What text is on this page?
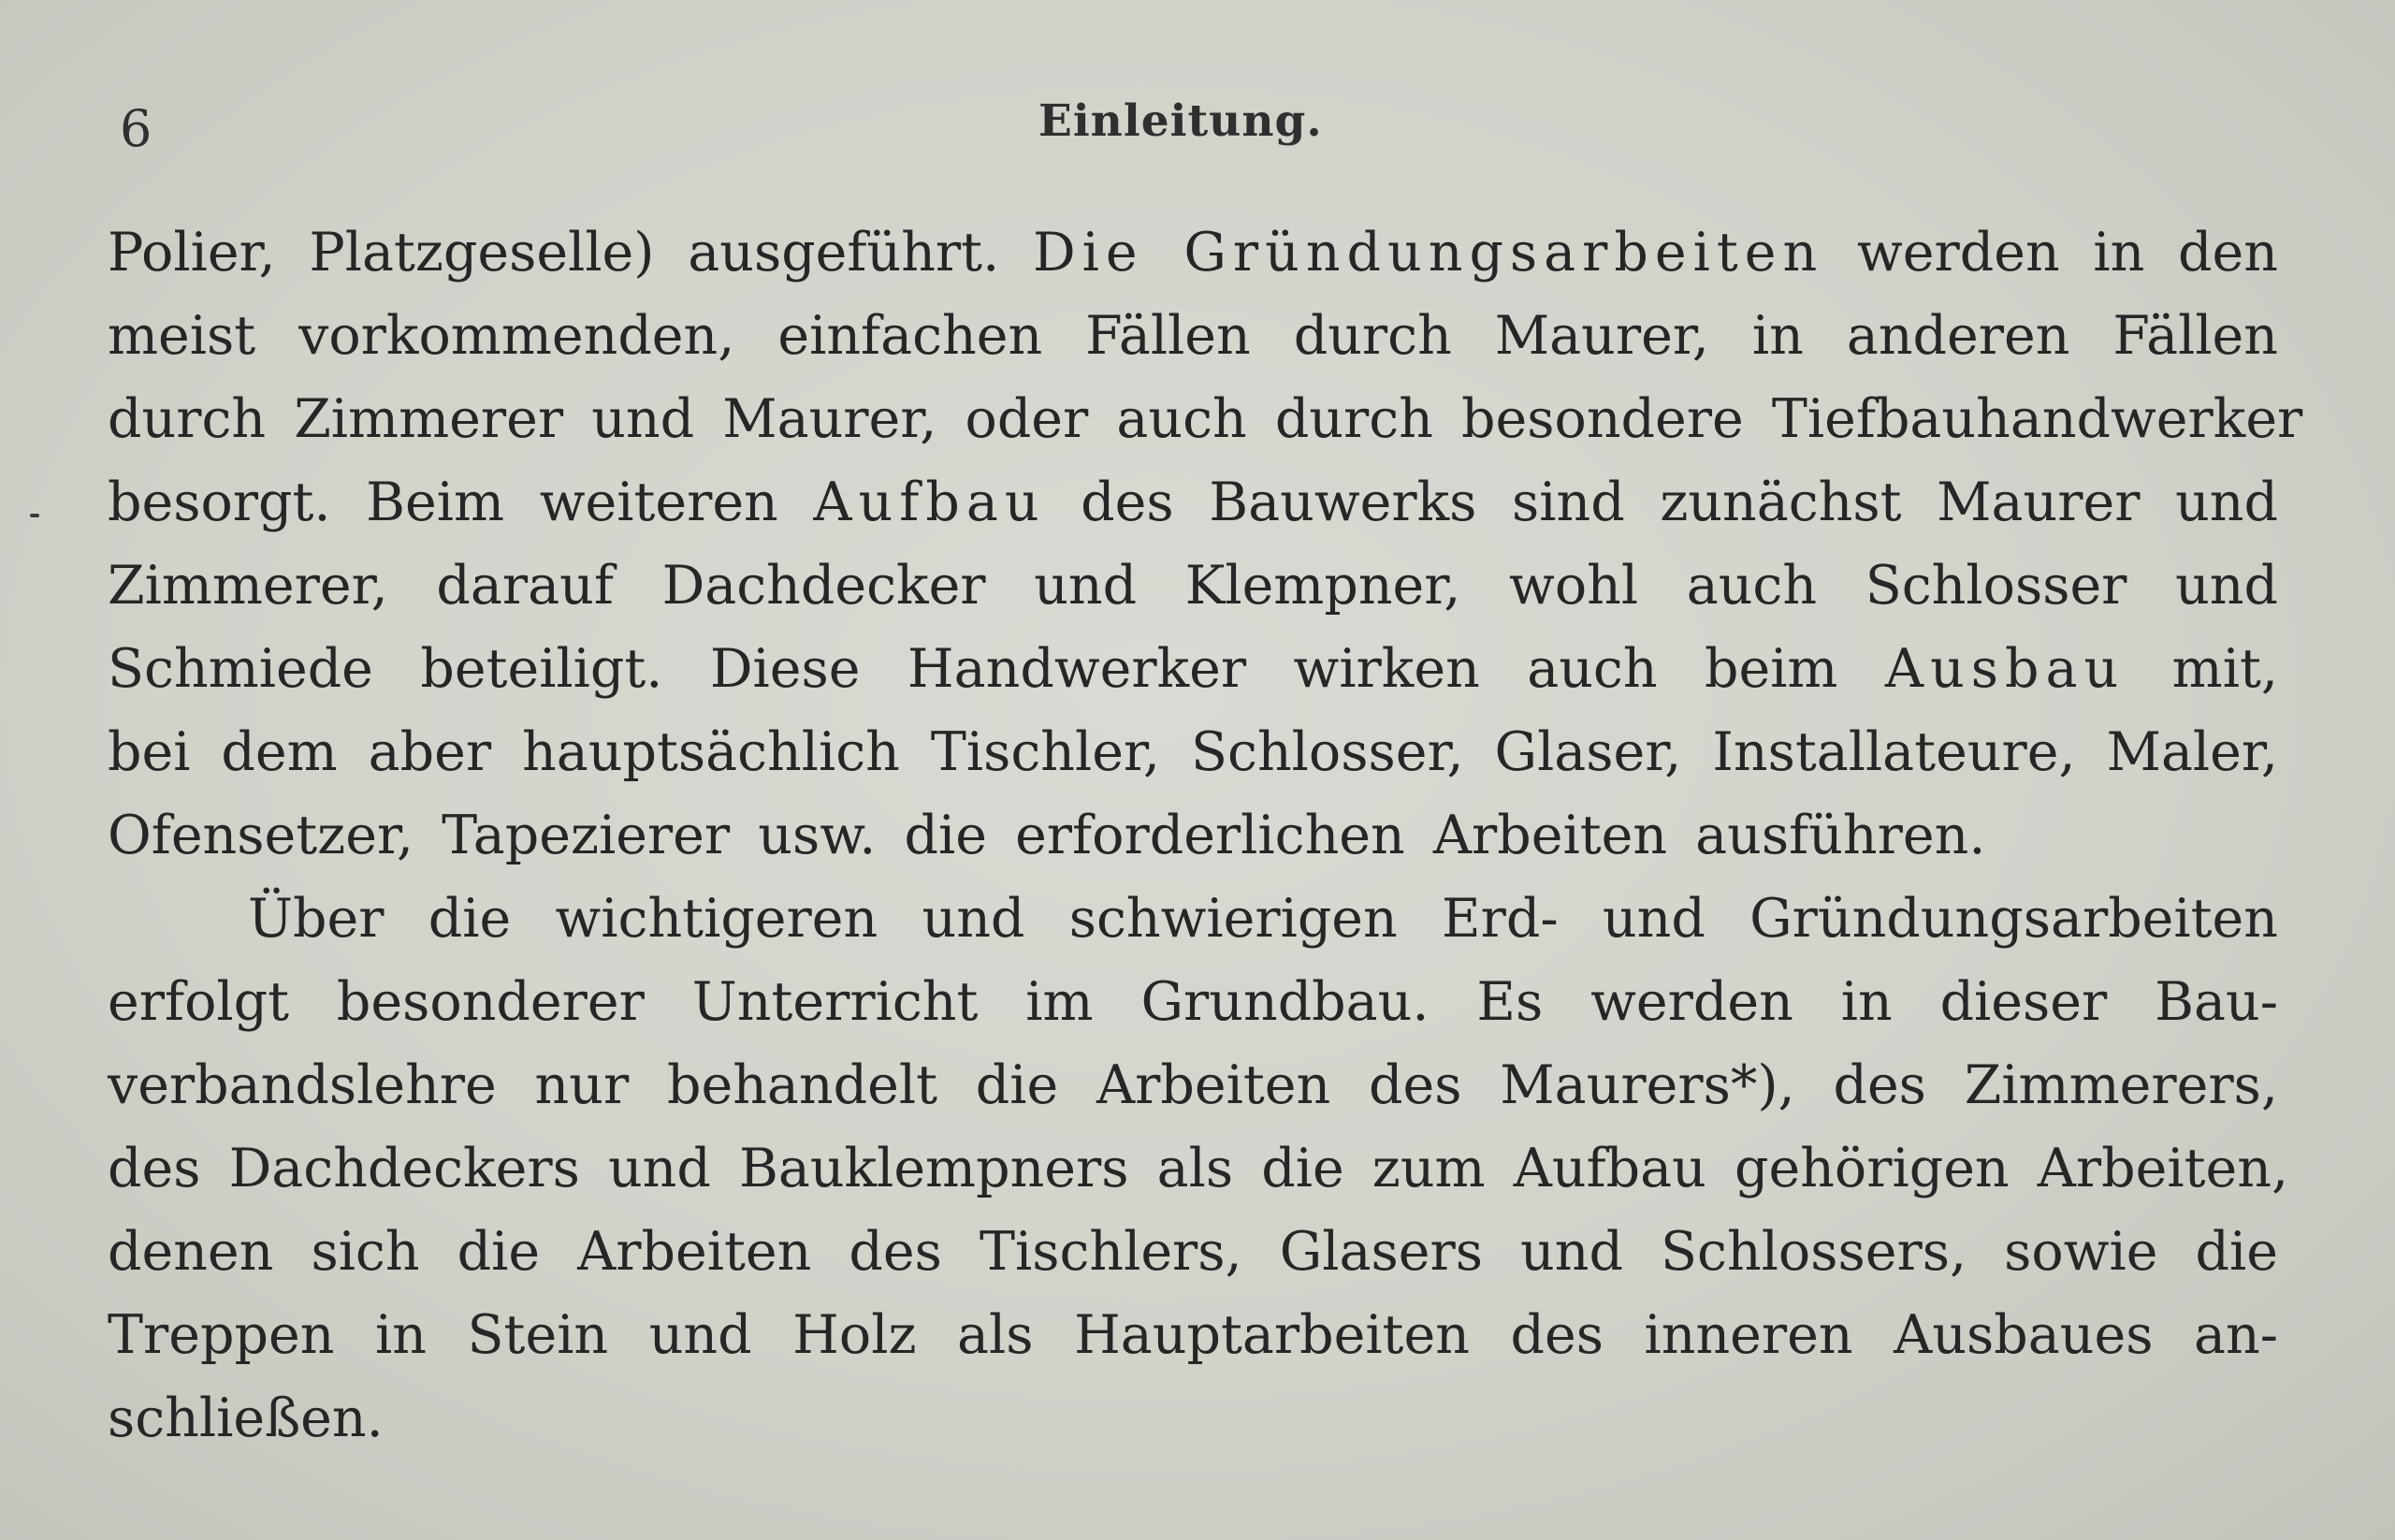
6	Einleitung.
Polier, Platzgeselle) ausgeführt. Die Gründungsarbeiten werden in den
meist vorkommenden, einfachen Fällen durch Maurer, in anderen Fällen
durch Zimmerer und Maurer, oder auch durch besondere Tiefbauhandwerker
besorgt. Beim weiteren Aufbau des Bauwerks sind zunächst Maurer und
Zimmerer, darauf Dachdecker und Klempner, wohl auch Schlosser und
Schmiede beteiligt. Diese Handwerker wirken auch beim Ausbau mit,
bei dem aber hauptsächlich Tischler, Schlosser, Glaser, Installateure, Maler,
Ofensetzer, Tapezierer usw. die erforderlichen Arbeiten ausführen.
Über die wichtigeren und schwierigen Erd- und Gründungsarbeiten
erfolgt besonderer Unterricht im Grundbau. Es werden in dieser Bau-
verbandslehre nur behandelt die Arbeiten des Maurers*), des Zimmerers,
des Dachdeckers und Bauklempners als die zum Aufbau gehörigen Arbeiten,
denen sich die Arbeiten des Tischlers, Glasers und Schlossers, sowie die
Treppen in Stein und Holz als Hauptarbeiten des inneren Ausbaues an-
schließen.
